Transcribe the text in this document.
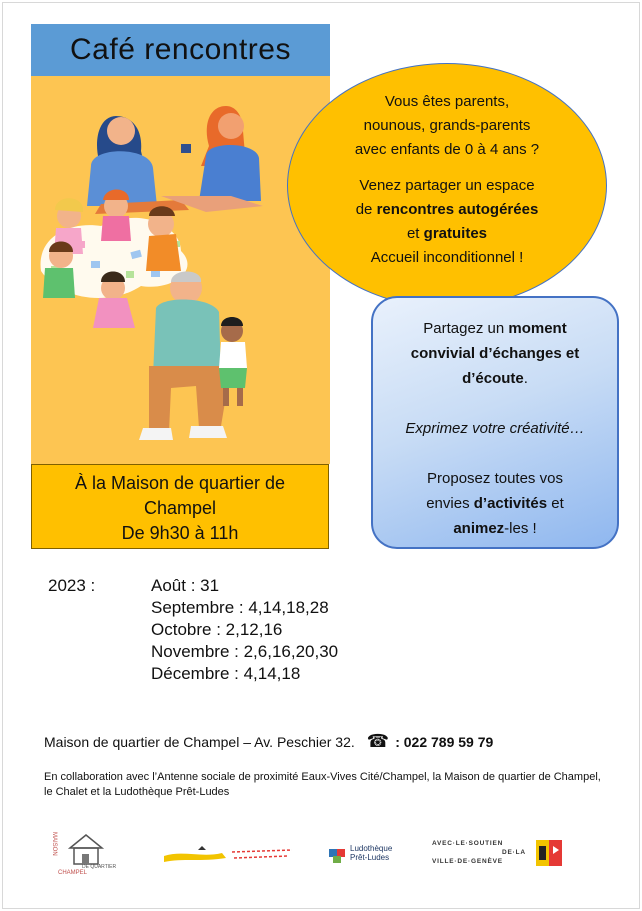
Café rencontres
Vous êtes parents,
nounous, grands-parents
avec enfants de 0 à 4 ans ?
Venez partager un espace
de rencontres autogérées
et gratuites
Accueil inconditionnel !

Partagez un moment
convivial d’échanges et
d’écoute.

Exprimez votre créativité…

Proposez toutes vos
envies d’activités et
animez-les !

À la Maison de quartier de
Champel
De 9h30 à 11h
2023 :	Août : 31
Septembre : 4,14,18,28
Octobre : 2,12,16
Novembre : 2,6,16,20,30
Décembre : 4,14,18
Maison de quartier de Champel – Av. Peschier 32. ☎ : 022 789 59 79
En collaboration avec l’Antenne sociale de proximité Eaux-Vives Cité/Champel, la Maison de quartier de Champel, le Chalet et la Ludothèque Prêt-Ludes
MAISON
DE QUARTIER
CHAMPEL
Ludothèque
Prêt-Ludes
AVEC·LE·SOUTIEN
DE·LA
VILLE·DE·GENÈVE
